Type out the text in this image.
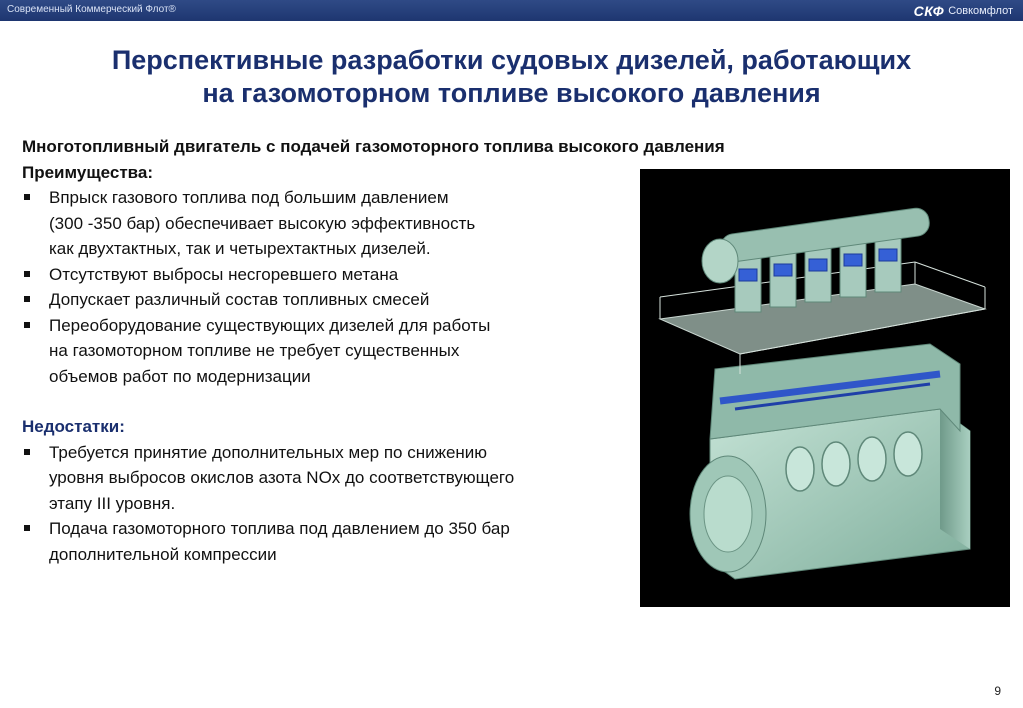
Современный Коммерческий Флот®	СКФ Совкомфлот
Перспективные разработки судовых дизелей, работающих
на газомоторном топливе высокого давления
Многотопливный двигатель с подачей газомоторного топлива высокого давления
Преимущества:
Впрыск газового топлива под большим давлением
(300 -350 бар) обеспечивает высокую эффективность
как двухтактных, так и четырехтактных дизелей.
Отсутствуют выбросы несгоревшего метана
Допускает различный состав топливных смесей
Переоборудование существующих дизелей для работы
на газомоторном топливе не требует существенных
объемов работ по модернизации
Недостатки:
Требуется принятие дополнительных мер по снижению
уровня выбросов окислов азота NOx до соответствующего
этапу III уровня.
Подача газомоторного топлива под давлением до 350 бар
дополнительной компрессии
9
